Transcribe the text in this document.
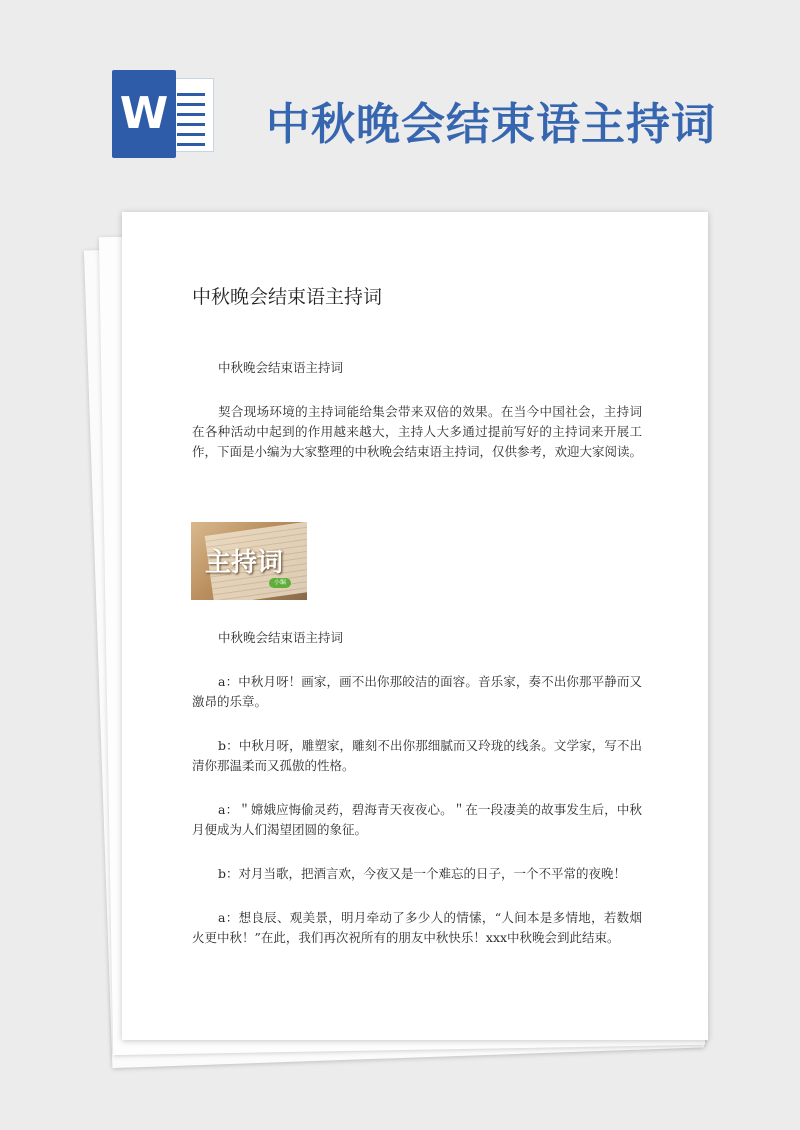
W 中秋晚会结束语主持词
中秋晚会结束语主持词
中秋晚会结束语主持词

契合现场环境的主持词能给集会带来双倍的效果。在当今中国社会，主持词在各种活动中起到的作用越来越大，主持人大多通过提前写好的主持词来开展工作，下面是小编为大家整理的中秋晚会结束语主持词，仅供参考，欢迎大家阅读。

主持词
小编
中秋晚会结束语主持词

a：中秋月呀！画家，画不出你那皎洁的面容。音乐家，奏不出你那平静而又激昂的乐章。

b：中秋月呀，雕塑家，雕刻不出你那细腻而又玲珑的线条。文学家，写不出清你那温柔而又孤傲的性格。

a：＂嫦娥应悔偷灵药，碧海青天夜夜心。＂在一段凄美的故事发生后，中秋月便成为人们渴望团圆的象征。

b：对月当歌，把酒言欢，今夜又是一个难忘的日子，一个不平常的夜晚！

a：想良辰、观美景，明月牵动了多少人的情愫，“人间本是多情地，若数烟火更中秋！”在此，我们再次祝所有的朋友中秋快乐！xxx中秋晚会到此结束。
